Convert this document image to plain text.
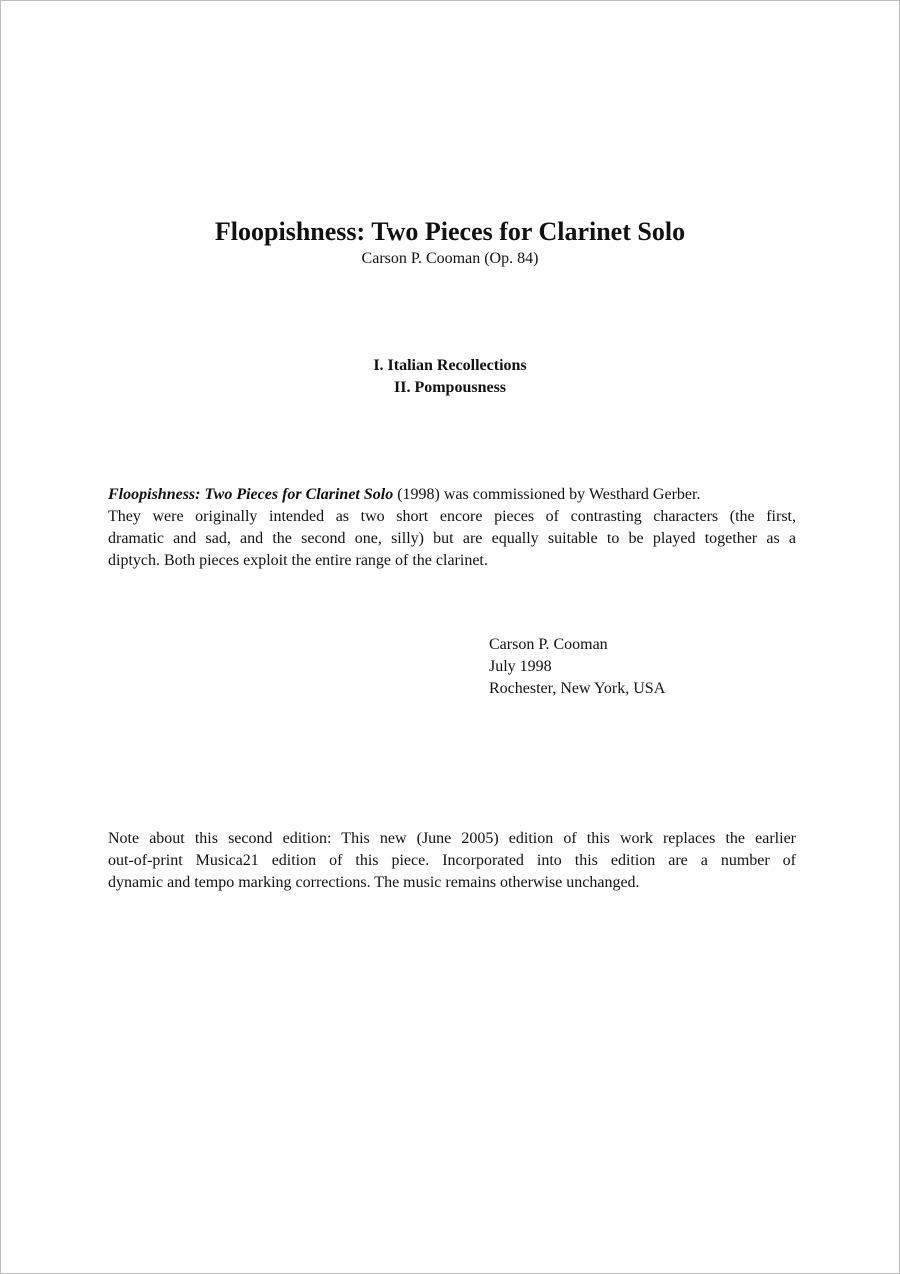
Floopishness: Two Pieces for Clarinet Solo
Carson P. Cooman (Op. 84)
I. Italian Recollections
II. Pompousness
Floopishness: Two Pieces for Clarinet Solo (1998) was commissioned by Westhard Gerber.
They were originally intended as two short encore pieces of contrasting characters (the first,
dramatic and sad, and the second one, silly) but are equally suitable to be played together as a
diptych. Both pieces exploit the entire range of the clarinet.
Carson P. Cooman
July 1998
Rochester, New York, USA
Note about this second edition: This new (June 2005) edition of this work replaces the earlier
out-of-print Musica21 edition of this piece. Incorporated into this edition are a number of
dynamic and tempo marking corrections. The music remains otherwise unchanged.
